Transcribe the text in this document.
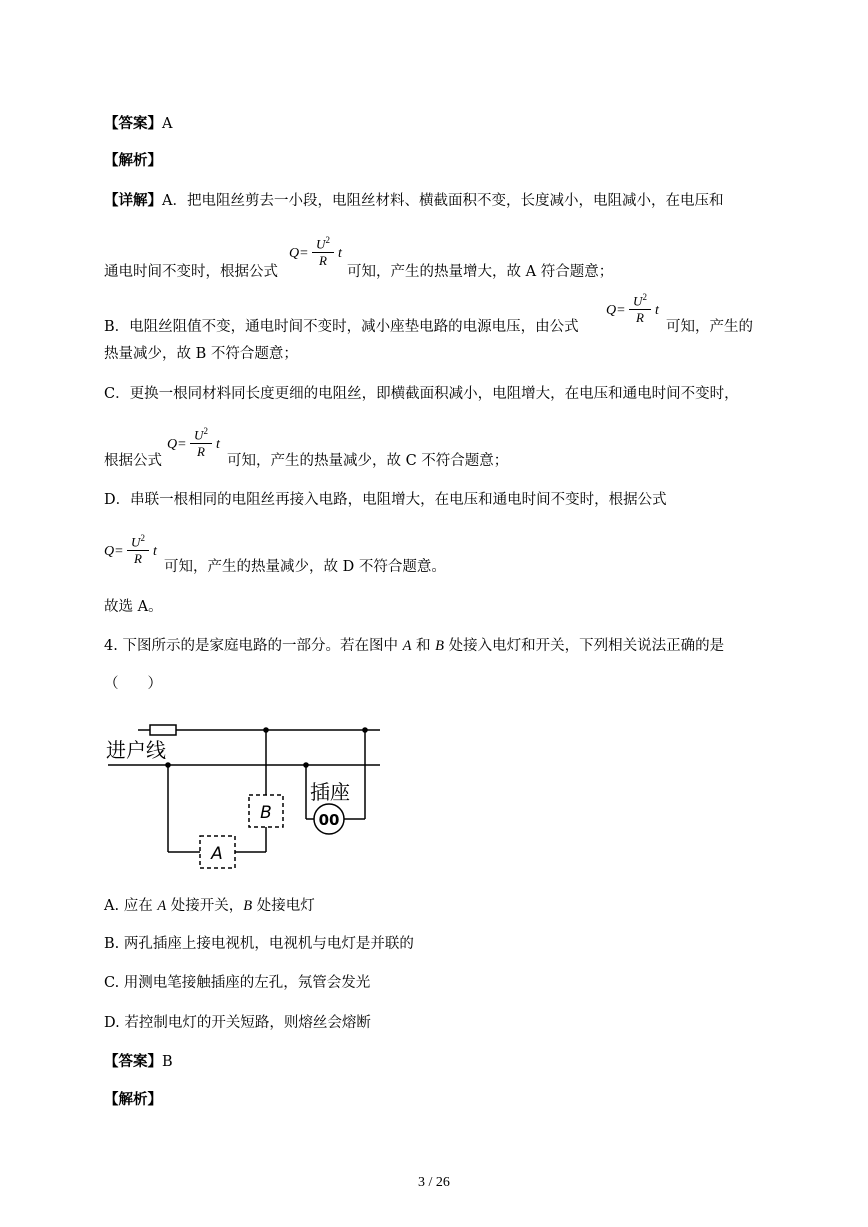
【答案】A
【解析】
【详解】A．把电阻丝剪去一小段，电阻丝材料、横截面积不变，长度减小，电阻减小，在电压和
通电时间不变时，根据公式
Q =
$U^2$
R t
可知，产生的热量增大，故 A 符合题意；
B．电阻丝阻值不变，通电时间不变时，减小座垫电路的电源电压，由公式
Q =
$U^2$
R t
可知，产生的
热量减少，故 B 不符合题意；
C．更换一根同材料同长度更细的电阻丝，即横截面积减小，电阻增大，在电压和通电时间不变时，
根据公式
Q =
$U^2$
R t
可知，产生的热量减少，故 C 不符合题意；
D．串联一根相同的电阻丝再接入电路，电阻增大，在电压和通电时间不变时，根据公式
Q =
$U^2$
R t
可知，产生的热量减少，故 D 不符合题意。
故选 A。
4. 下图所示的是家庭电路的一部分。若在图中 A 和 B 处接入电灯和开关，下列相关说法正确的是
（　　）
进户线
B
A
00
插座
A. 应在 A 处接开关，B 处接电灯
B. 两孔插座上接电视机，电视机与电灯是并联的
C. 用测电笔接触插座的左孔，氖管会发光
D. 若控制电灯的开关短路，则熔丝会熔断
【答案】B
【解析】
3 / 26
